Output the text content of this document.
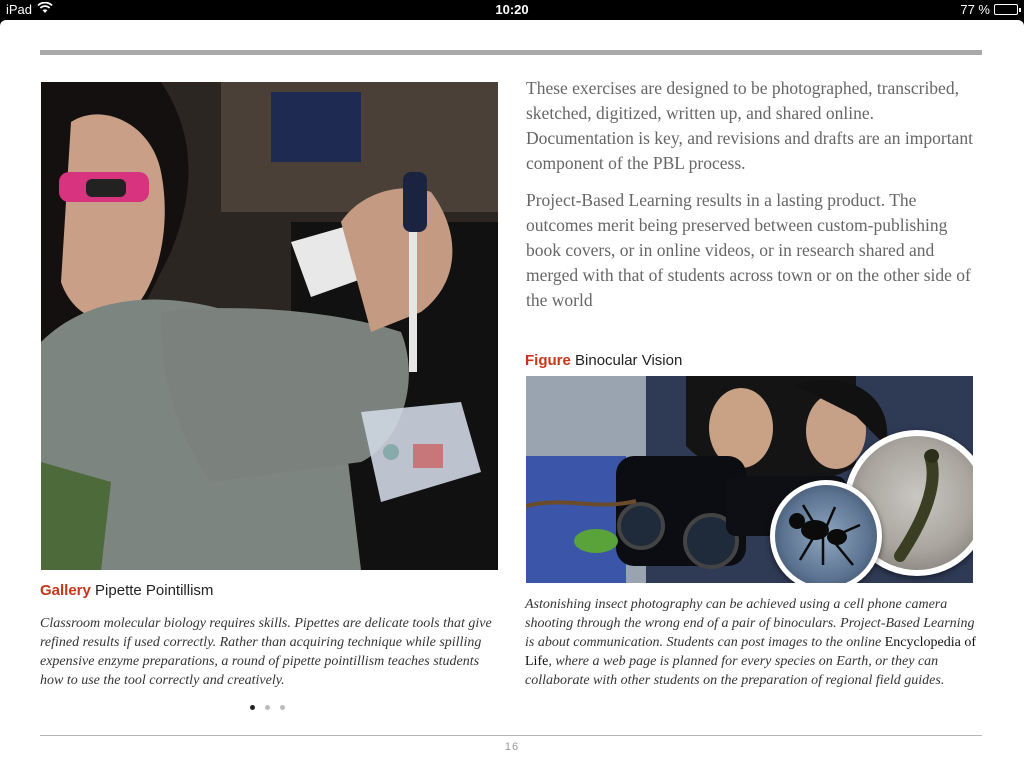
iPad	10:20	77 %
Gallery Pipette Pointillism

Classroom molecular biology requires skills. Pipettes are delicate tools that give refined results if used correctly. Rather than acquiring technique while spilling expensive enzyme preparations, a round of pipette pointillism teaches students how to use the tool correctly and creatively.

These exercises are designed to be photographed, transcribed, sketched, digitized, written up, and shared online. Documentation is key, and revisions and drafts are an important component of the PBL process.

Project-Based Learning results in a lasting product. The outcomes merit being preserved between custom-publishing book covers, or in online videos, or in research shared and merged with that of students across town or on the other side of the world

Figure Binocular Vision

Astonishing insect photography can be achieved using a cell phone camera shooting through the wrong end of a pair of binoculars. Project-Based Learning is about communication. Students can post images to the online Encyclopedia of Life, where a web page is planned for every species on Earth, or they can collaborate with other students on the preparation of regional field guides.

16
